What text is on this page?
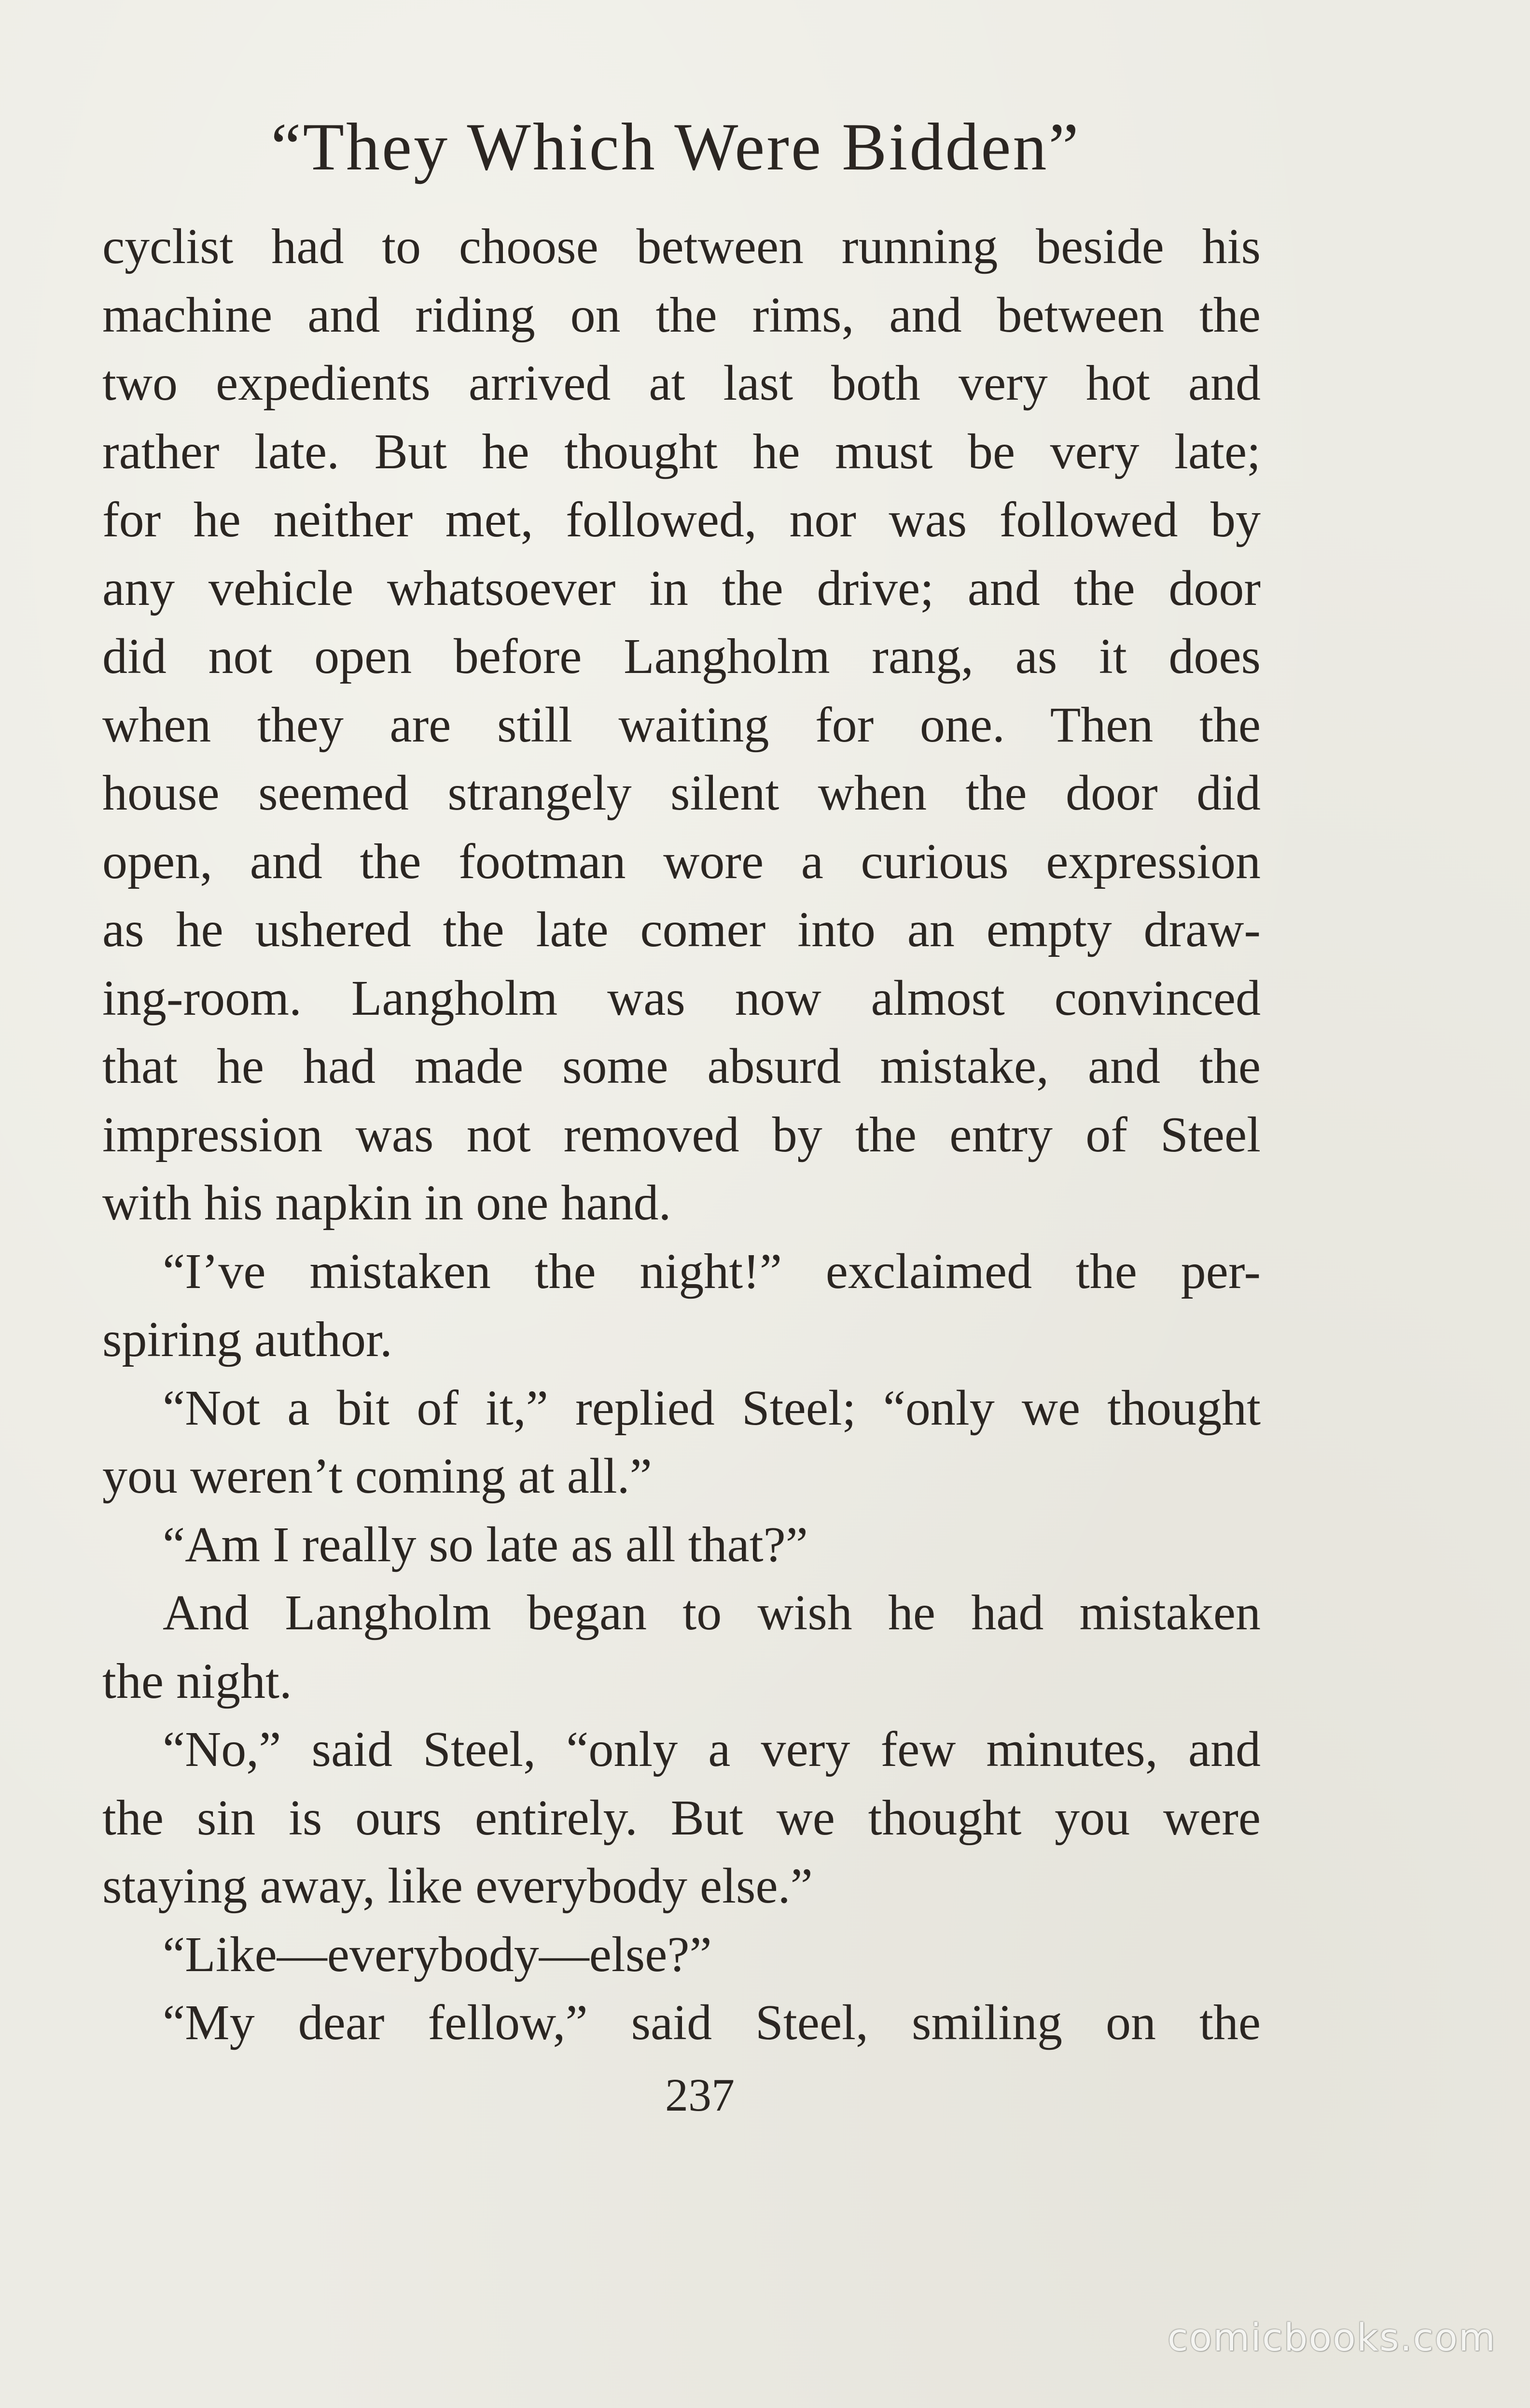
“They Which Were Bidden”
cyclist had to choose between running beside his
machine and riding on the rims, and between the
two expedients arrived at last both very hot and
rather late. But he thought he must be very late;
for he neither met, followed, nor was followed by
any vehicle whatsoever in the drive; and the door
did not open before Langholm rang, as it does
when they are still waiting for one. Then the
house seemed strangely silent when the door did
open, and the footman wore a curious expression
as he ushered the late comer into an empty draw-
ing-room. Langholm was now almost convinced
that he had made some absurd mistake, and the
impression was not removed by the entry of Steel
with his napkin in one hand.
“I’ve mistaken the night!” exclaimed the per-
spiring author.
“Not a bit of it,” replied Steel; “only we thought
you weren’t coming at all.”
“Am I really so late as all that?”
And Langholm began to wish he had mistaken
the night.
“No,” said Steel, “only a very few minutes, and
the sin is ours entirely. But we thought you were
staying away, like everybody else.”
“Like—everybody—else?”
“My dear fellow,” said Steel, smiling on the
237
comicbooks.com
